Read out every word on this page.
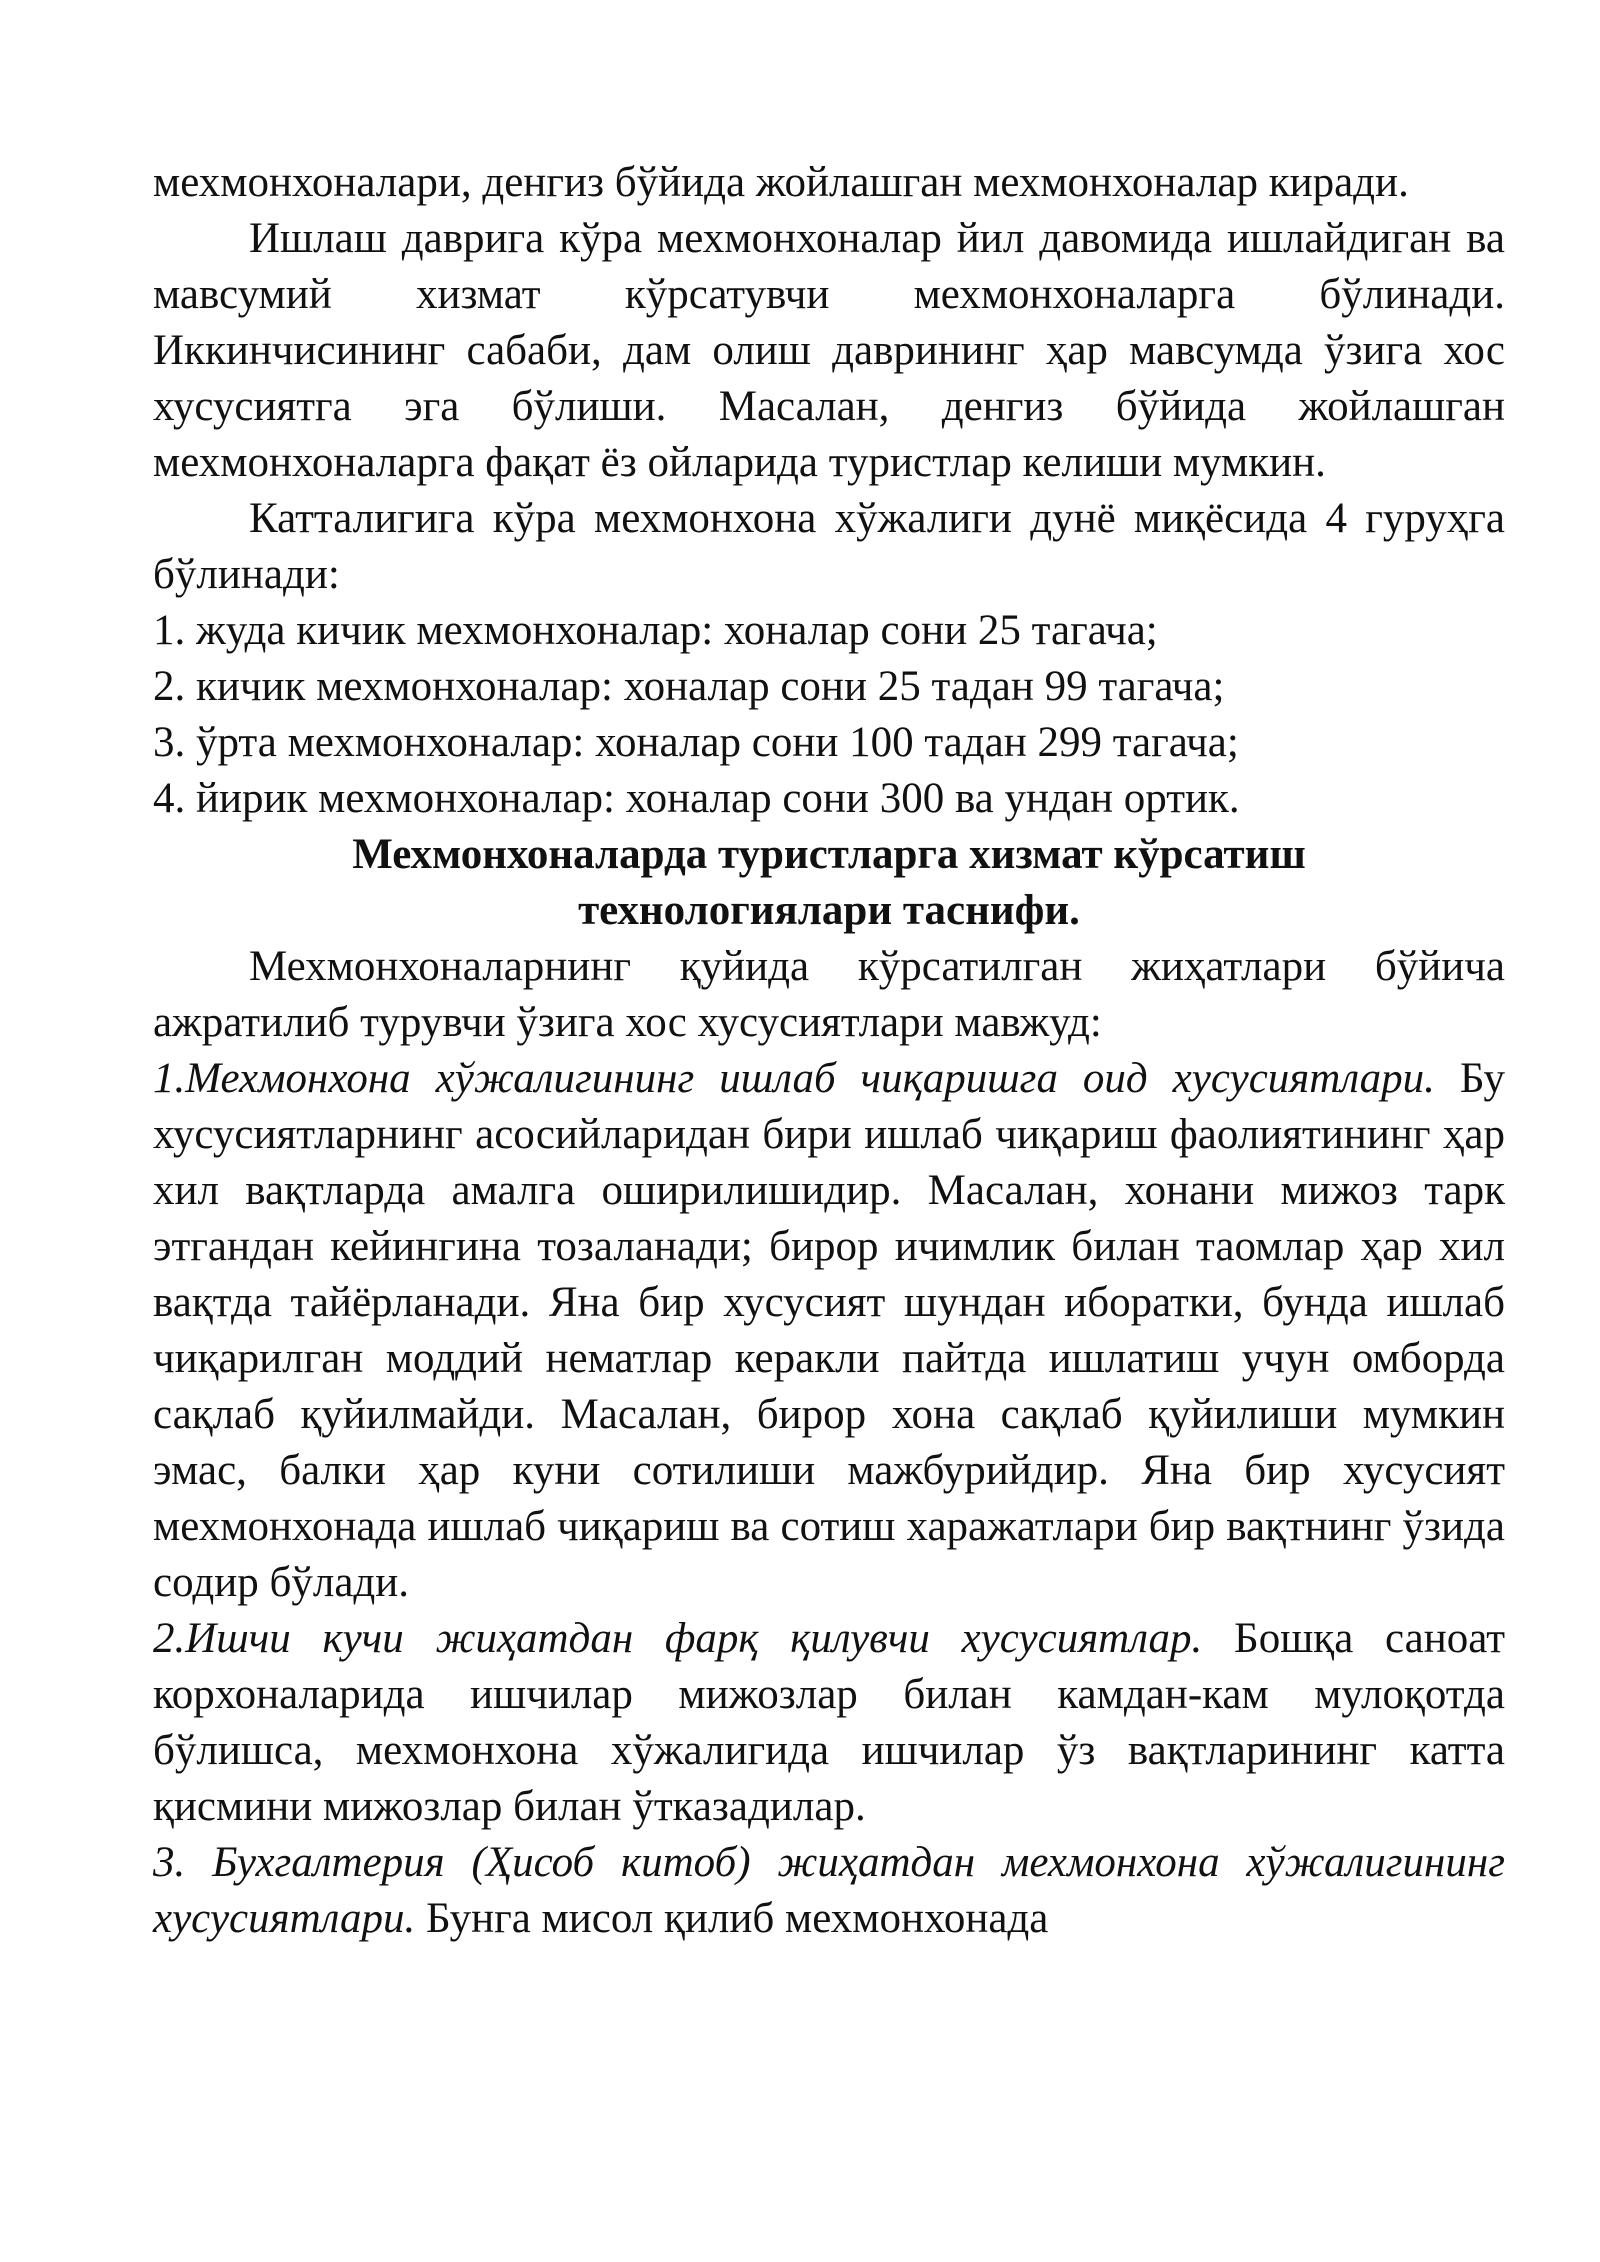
мехмонхоналари, денгиз бўйида жойлашган мехмонхоналар киради.

Ишлаш даврига кўра мехмонхоналар йил давомида ишлайдиган ва мавсумий хизмат кўрсатувчи мехмонхоналарга бўлинади. Иккинчисининг сабаби, дам олиш даврининг ҳар мавсумда ўзига хос хусусиятга эга бўлиши. Масалан, денгиз бўйида жойлашган мехмонхоналарга фақат ёз ойларида туристлар келиши мумкин.

Катталигига кўра мехмонхона хўжалиги дунё миқёсида 4 гуруҳга бўлинади:

1. жуда кичик мехмонхоналар: хоналар сони 25 тагача;

2. кичик мехмонхоналар: хоналар сони 25 тадан 99 тагача;

3. ўрта мехмонхоналар: хоналар сони 100 тадан 299 тагача;

4. йирик мехмонхоналар: хоналар сони 300 ва ундан ортик.

Мехмонхоналарда туристларга хизмат кўрсатиш

технологиялари таснифи.

Мехмонхоналарнинг қуйида кўрсатилган жиҳатлари бўйича ажратилиб турувчи ўзига хос хусусиятлари мавжуд:

1.Мехмонхона хўжалигининг ишлаб чиқаришга оид хусусиятлари. Бу хусусиятларнинг асосийларидан бири ишлаб чиқариш фаолиятининг ҳар хил вақтларда амалга оширилишидир. Масалан, хонани мижоз тарк этгандан кейингина тозаланади; бирор ичимлик билан таомлар ҳар хил вақтда тайёрланади. Яна бир хусусият шундан иборатки, бунда ишлаб чиқарилган моддий нематлар керакли пайтда ишлатиш учун омборда сақлаб қуйилмайди. Масалан, бирор хона сақлаб қуйилиши мумкин эмас, балки ҳар куни сотилиши мажбурийдир. Яна бир хусусият мехмонхонада ишлаб чиқариш ва сотиш харажатлари бир вақтнинг ўзида содир бўлади.

2.Ишчи кучи жиҳатдан фарқ қилувчи хусусиятлар. Бошқа саноат корхоналарида ишчилар мижозлар билан камдан-кам мулоқотда бўлишса, мехмонхона хўжалигида ишчилар ўз вақтларининг катта қисмини мижозлар билан ўтказадилар.

3. Бухгалтерия (Ҳисоб китоб) жиҳатдан мехмонхона хўжалигининг хусусиятлари. Бунга мисол қилиб мехмонхонада
